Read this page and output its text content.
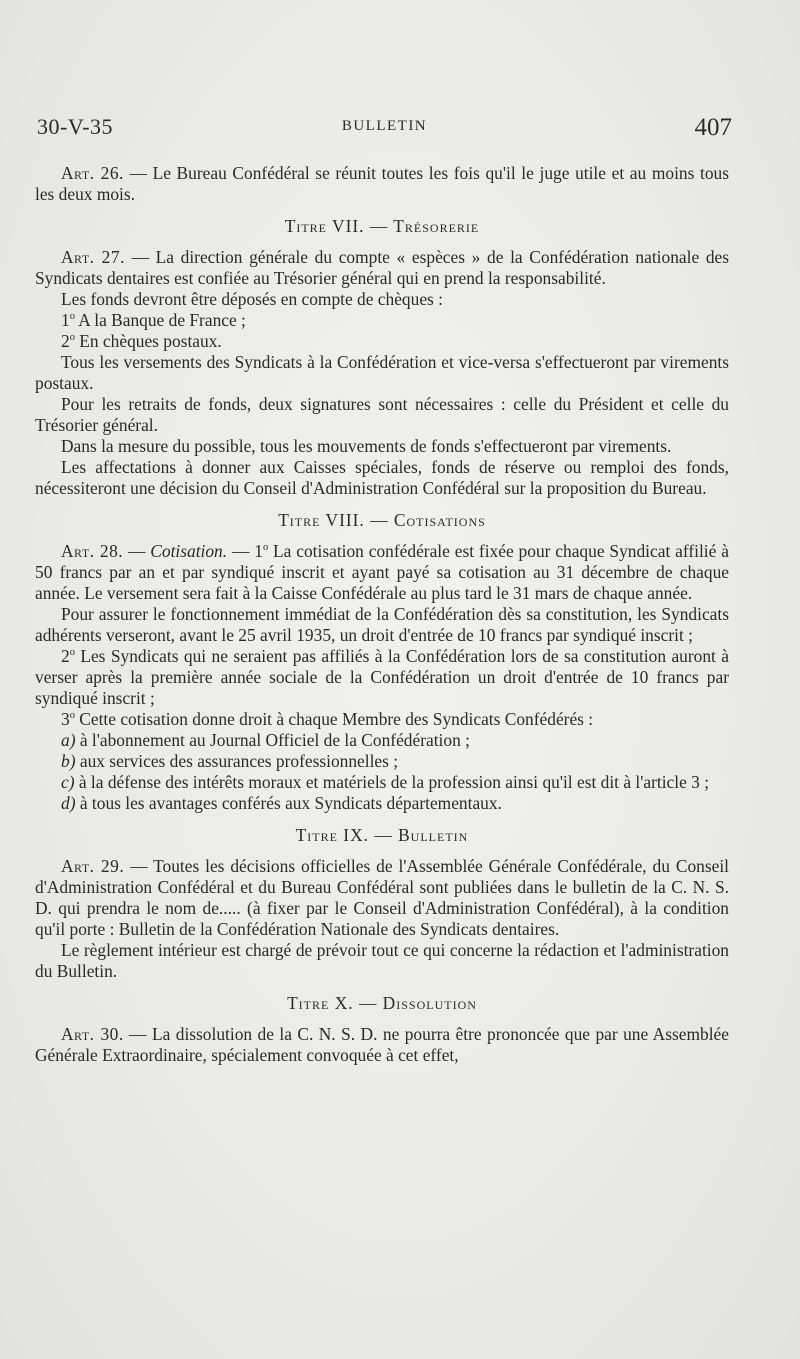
30-V-35	BULLETIN	407

Art. 26. — Le Bureau Confédéral se réunit toutes les fois qu'il le juge utile et au moins tous les deux mois.

Titre VII. — Trésorerie

Art. 27. — La direction générale du compte « espèces » de la Confédération nationale des Syndicats dentaires est confiée au Trésorier général qui en prend la responsabilité.

Les fonds devront être déposés en compte de chèques :

1$^o$ A la Banque de France ;

2$^o$ En chèques postaux.

Tous les versements des Syndicats à la Confédération et vice-versa s'effectueront par virements postaux.

Pour les retraits de fonds, deux signatures sont nécessaires : celle du Président et celle du Trésorier général.

Dans la mesure du possible, tous les mouvements de fonds s'effectueront par virements.

Les affectations à donner aux Caisses spéciales, fonds de réserve ou remploi des fonds, nécessiteront une décision du Conseil d'Administration Confédéral sur la proposition du Bureau.

Titre VIII. — Cotisations

Art. 28. — Cotisation. — 1$^o$ La cotisation confédérale est fixée pour chaque Syndicat affilié à 50 francs par an et par syndiqué inscrit et ayant payé sa cotisation au 31 décembre de chaque année. Le versement sera fait à la Caisse Confédérale au plus tard le 31 mars de chaque année.

Pour assurer le fonctionnement immédiat de la Confédération dès sa constitution, les Syndicats adhérents verseront, avant le 25 avril 1935, un droit d'entrée de 10 francs par syndiqué inscrit ;

2$^o$ Les Syndicats qui ne seraient pas affiliés à la Confédération lors de sa constitution auront à verser après la première année sociale de la Confédération un droit d'entrée de 10 francs par syndiqué inscrit ;

3$^o$ Cette cotisation donne droit à chaque Membre des Syndicats Confédérés :

a) à l'abonnement au Journal Officiel de la Confédération ;

b) aux services des assurances professionnelles ;

c) à la défense des intérêts moraux et matériels de la profession ainsi qu'il est dit à l'article 3 ;

d) à tous les avantages conférés aux Syndicats départementaux.

Titre IX. — Bulletin

Art. 29. — Toutes les décisions officielles de l'Assemblée Générale Confédérale, du Conseil d'Administration Confédéral et du Bureau Confédéral sont publiées dans le bulletin de la C. N. S. D. qui prendra le nom de..... (à fixer par le Conseil d'Administration Confédéral), à la condition qu'il porte : Bulletin de la Confédération Nationale des Syndicats dentaires.

Le règlement intérieur est chargé de prévoir tout ce qui concerne la rédaction et l'administration du Bulletin.

Titre X. — Dissolution

Art. 30. — La dissolution de la C. N. S. D. ne pourra être prononcée que par une Assemblée Générale Extraordinaire, spécialement convoquée à cet effet,
